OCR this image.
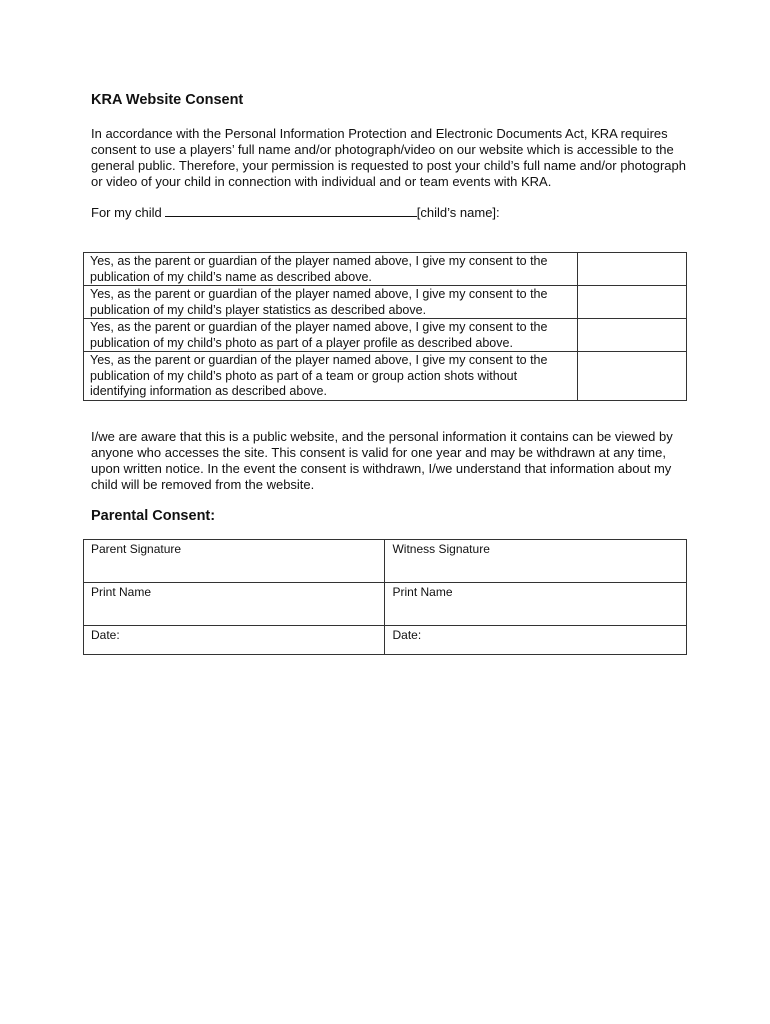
KRA Website Consent

In accordance with the Personal Information Protection and Electronic Documents Act, KRA requires consent to use a players’ full name and/or photograph/video on our website which is accessible to the general public. Therefore, your permission is requested to post your child’s full name and/or photograph or video of your child in connection with individual and or team events with KRA.

For my child	[child’s name]:
Yes, as the parent or guardian of the player named above, I give my consent to the publication of my child’s name as described above.	
Yes, as the parent or guardian of the player named above, I give my consent to the publication of my child’s player statistics as described above.	
Yes, as the parent or guardian of the player named above, I give my consent to the publication of my child’s photo as part of a player profile as described above.	
Yes, as the parent or guardian of the player named above, I give my consent to the publication of my child’s photo as part of a team or group action shots without identifying information as described above.	

I/we are aware that this is a public website, and the personal information it contains can be viewed by anyone who accesses the site. This consent is valid for one year and may be withdrawn at any time, upon written notice. In the event the consent is withdrawn, I/we understand that information about my child will be removed from the website.

Parental Consent:
Parent Signature	Witness Signature
Print Name	Print Name
Date:	Date:
